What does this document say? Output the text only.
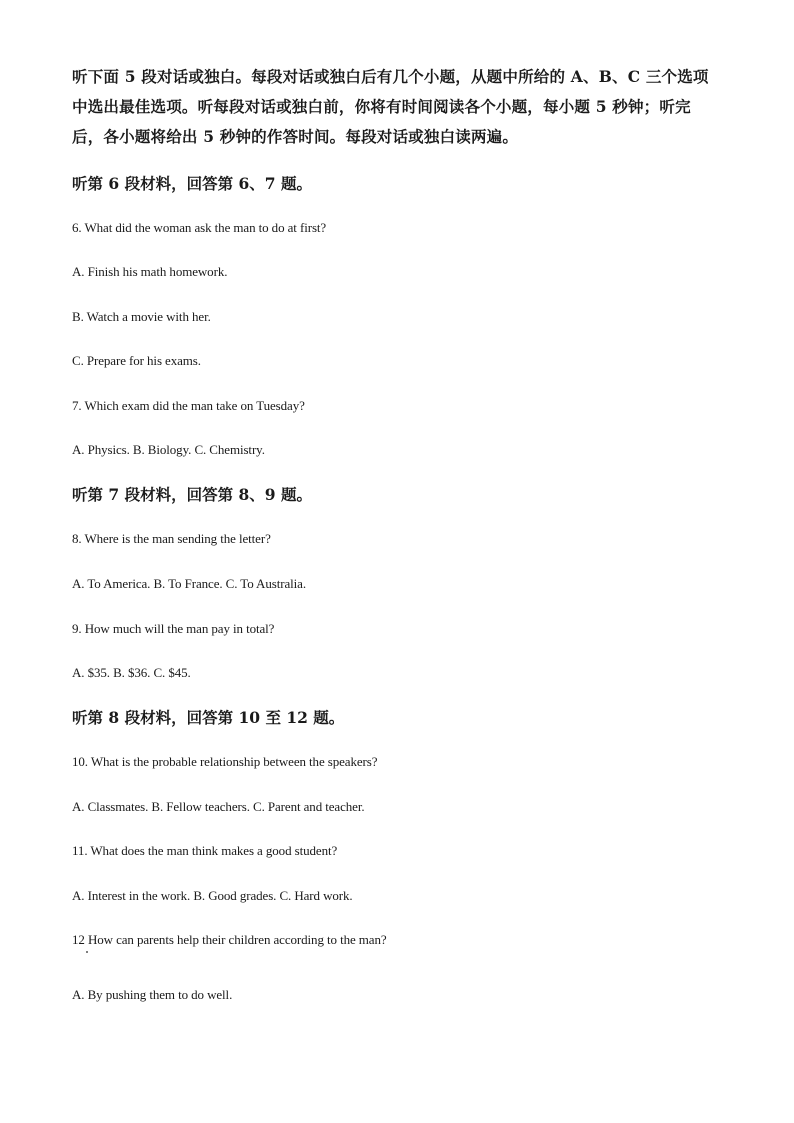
听下面 5 段对话或独白。每段对话或独白后有几个小题，从题中所给的 A、B、C 三个选项中选出最佳选项。听每段对话或独白前，你将有时间阅读各个小题，每小题 5 秒钟；听完后，各小题将给出 5 秒钟的作答时间。每段对话或独白读两遍。

听第 6 段材料，回答第 6、7 题。

6. What did the woman ask the man to do at first?

A. Finish his math homework.

B. Watch a movie with her.

C. Prepare for his exams.

7. Which exam did the man take on Tuesday?

A. Physics. B. Biology. C. Chemistry.

听第 7 段材料，回答第 8、9 题。

8. Where is the man sending the letter?

A. To America. B. To France. C. To Australia.

9. How much will the man pay in total?

A. $35. B. $36. C. $45.

听第 8 段材料，回答第 10 至 12 题。

10. What is the probable relationship between the speakers?

A. Classmates. B. Fellow teachers. C. Parent and teacher.

11. What does the man think makes a good student?

A. Interest in the work. B. Good grades. C. Hard work.

12 How can parents help their children according to the man?

A. By pushing them to do well.
